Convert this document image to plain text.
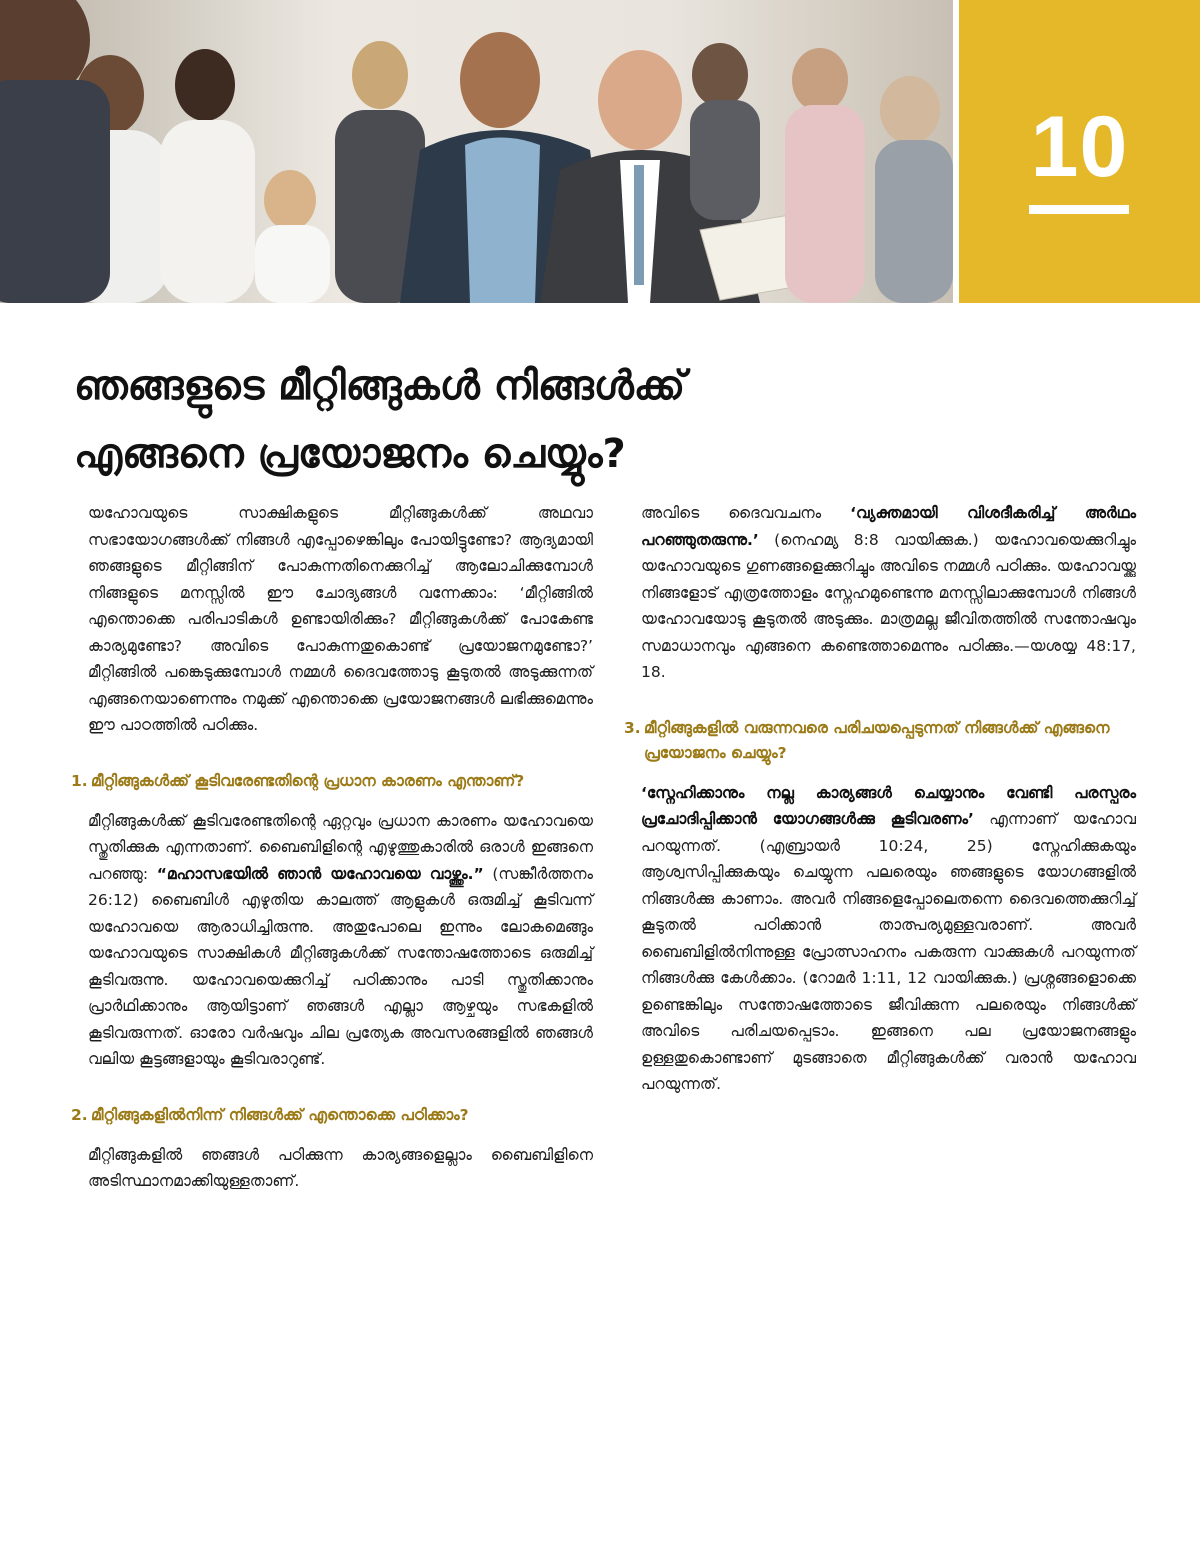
10
ഞങ്ങളുടെ മീറ്റിങ്ങുകൾ നിങ്ങൾക്ക്
എങ്ങനെ പ്രയോജനം ചെയ്യും?

യഹോവയുടെ സാക്ഷികളുടെ മീറ്റിങ്ങുകൾക്ക് അഥവാ സഭായോഗങ്ങൾക്ക് നിങ്ങൾ എപ്പോഴെങ്കിലും പോയിട്ടുണ്ടോ? ആദ്യമായി ഞങ്ങളുടെ മീറ്റിങ്ങിന് പോകുന്നതിനെക്കുറിച്ച് ആലോചിക്കുമ്പോൾ നിങ്ങളുടെ മനസ്സിൽ ഈ ചോദ്യങ്ങൾ വന്നേക്കാം: ‘മീറ്റിങ്ങിൽ എന്തൊക്കെ പരിപാടികൾ ഉണ്ടായിരിക്കും? മീറ്റിങ്ങുകൾക്ക് പോകേണ്ട കാര്യമുണ്ടോ? അവിടെ പോകുന്നതുകൊണ്ട് പ്രയോജനമുണ്ടോ?’ മീറ്റിങ്ങിൽ പങ്കെടുക്കുമ്പോൾ നമ്മൾ ദൈവത്തോടു കൂടുതൽ അടുക്കുന്നത് എങ്ങനെയാണെന്നും നമുക്ക് എന്തൊക്കെ പ്രയോജനങ്ങൾ ലഭിക്കുമെന്നും ഈ പാഠത്തിൽ പഠിക്കും.

1. മീറ്റിങ്ങുകൾക്ക് കൂടിവരേണ്ടതിന്റെ പ്രധാന കാരണം എന്താണ്?

മീറ്റിങ്ങുകൾക്ക് കൂടിവരേണ്ടതിന്റെ ഏറ്റവും പ്രധാന കാരണം യഹോവയെ സ്തുതിക്കുക എന്നതാണ്. ബൈബിളിന്റെ എഴുത്തുകാരിൽ ഒരാൾ ഇങ്ങനെ പറഞ്ഞു: “മഹാസഭയിൽ ഞാൻ യഹോവയെ വാഴ്ത്തും.” (സങ്കീർത്തനം 26:12) ബൈബിൾ എഴുതിയ കാലത്ത് ആളുകൾ ഒരുമിച്ച് കൂടിവന്ന് യഹോവയെ ആരാധിച്ചിരുന്നു. അതുപോലെ ഇന്നും ലോകമെങ്ങും യഹോവയുടെ സാക്ഷികൾ മീറ്റിങ്ങുകൾക്ക് സന്തോഷത്തോടെ ഒരുമിച്ച് കൂടിവരുന്നു. യഹോവയെക്കുറിച്ച് പഠിക്കാനും പാടി സ്തുതിക്കാനും പ്രാർഥിക്കാനും ആയിട്ടാണ് ഞങ്ങൾ എല്ലാ ആഴ്ചയും സഭകളിൽ കൂടിവരുന്നത്. ഓരോ വർഷവും ചില പ്രത്യേക അവസരങ്ങളിൽ ഞങ്ങൾ വലിയ കൂട്ടങ്ങളായും കൂടിവരാറുണ്ട്.

2. മീറ്റിങ്ങുകളിൽനിന്ന് നിങ്ങൾക്ക് എന്തൊക്കെ പഠിക്കാം?

മീറ്റിങ്ങുകളിൽ ഞങ്ങൾ പഠിക്കുന്ന കാര്യങ്ങളെല്ലാം ബൈബിളിനെ അടിസ്ഥാനമാക്കിയുള്ളതാണ്.

അവിടെ ദൈവവചനം ‘വ്യക്തമായി വിശദീകരിച്ച് അർഥം പറഞ്ഞുതരുന്നു.’ (നെഹമ്യ 8:8 വായിക്കുക.) യഹോവയെക്കുറിച്ചും യഹോവയുടെ ഗുണങ്ങളെക്കുറിച്ചും അവിടെ നമ്മൾ പഠിക്കും. യഹോവയ്ക്കു നിങ്ങളോട് എത്രത്തോളം സ്നേഹമുണ്ടെന്നു മനസ്സിലാക്കുമ്പോൾ നിങ്ങൾ യഹോവയോടു കൂടുതൽ അടുക്കും. മാത്രമല്ല ജീവിതത്തിൽ സന്തോഷവും സമാധാനവും എങ്ങനെ കണ്ടെത്താമെന്നും പഠിക്കും.—യശയ്യ 48:17, 18.

3. മീറ്റിങ്ങുകളിൽ വരുന്നവരെ പരിചയപ്പെടുന്നത് നിങ്ങൾക്ക് എങ്ങനെ പ്രയോജനം ചെയ്യും?

‘സ്നേഹിക്കാനും നല്ല കാര്യങ്ങൾ ചെയ്യാനും വേണ്ടി പരസ്പരം പ്രചോദിപ്പിക്കാൻ യോഗങ്ങൾക്കു കൂടിവരണം’ എന്നാണ് യഹോവ പറയുന്നത്. (എബ്രായർ 10:24, 25) സ്നേഹിക്കുകയും ആശ്വസിപ്പിക്കുകയും ചെയ്യുന്ന പലരെയും ഞങ്ങളുടെ യോഗങ്ങളിൽ നിങ്ങൾക്കു കാണാം. അവർ നിങ്ങളെപ്പോലെതന്നെ ദൈവത്തെക്കുറിച്ച് കൂടുതൽ പഠിക്കാൻ താത്പര്യമുള്ളവരാണ്. അവർ ബൈബിളിൽനിന്നുള്ള പ്രോത്സാഹനം പകരുന്ന വാക്കുകൾ പറയുന്നത് നിങ്ങൾക്കു കേൾക്കാം. (റോമർ 1:11, 12 വായിക്കുക.) പ്രശ്നങ്ങളൊക്കെ ഉണ്ടെങ്കിലും സന്തോഷത്തോടെ ജീവിക്കുന്ന പലരെയും നിങ്ങൾക്ക് അവിടെ പരിചയപ്പെടാം. ഇങ്ങനെ പല പ്രയോജനങ്ങളും ഉള്ളതുകൊണ്ടാണ് മുടങ്ങാതെ മീറ്റിങ്ങുകൾക്ക് വരാൻ യഹോവ പറയുന്നത്.
